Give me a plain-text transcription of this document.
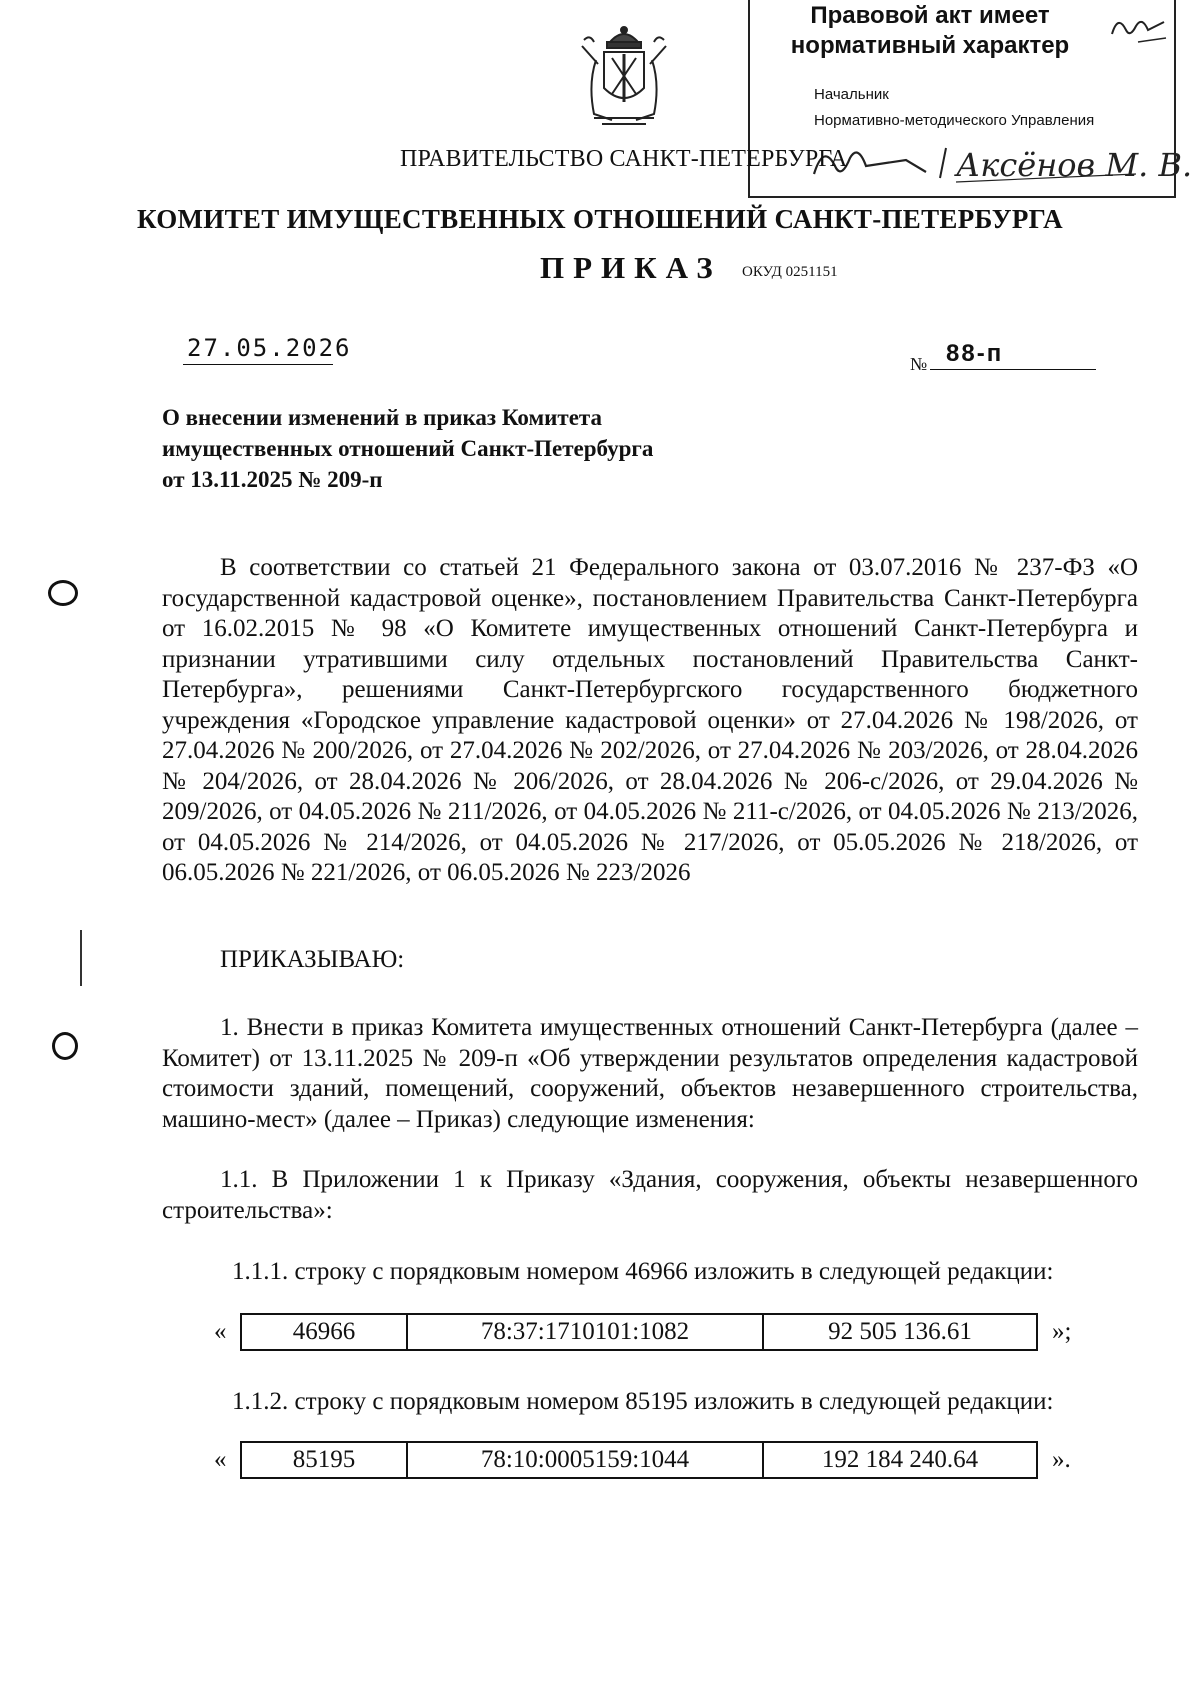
Правовой акт имеет
нормативный характер
Начальник
Нормативно-методического Управления
Аксёнов М. В.
ПРАВИТЕЛЬСТВО САНКТ-ПЕТЕРБУРГА
КОМИТЕТ ИМУЩЕСТВЕННЫХ ОТНОШЕНИЙ САНКТ-ПЕТЕРБУРГА
ПРИКАЗ ОКУД 0251151
27.05.2026
№ 88-п
О внесении изменений в приказ Комитета
имущественных отношений Санкт-Петербурга
от 13.11.2025 № 209-п

В соответствии со статьей 21 Федерального закона от 03.07.2016 № 237-ФЗ «О государственной кадастровой оценке», постановлением Правительства Санкт-Петербурга от 16.02.2015 № 98 «О Комитете имущественных отношений Санкт-Петербурга и признании утратившими силу отдельных постановлений Правительства Санкт-Петербурга», решениями Санкт-Петербургского государственного бюджетного учреждения «Городское управление кадастровой оценки» от 27.04.2026 № 198/2026, от 27.04.2026 № 200/2026, от 27.04.2026 № 202/2026, от 27.04.2026 № 203/2026, от 28.04.2026 № 204/2026, от 28.04.2026 № 206/2026, от 28.04.2026 № 206-с/2026, от 29.04.2026 № 209/2026, от 04.05.2026 № 211/2026, от 04.05.2026 № 211-с/2026, от 04.05.2026 № 213/2026, от 04.05.2026 № 214/2026, от 04.05.2026 № 217/2026, от 05.05.2026 № 218/2026, от 06.05.2026 № 221/2026, от 06.05.2026 № 223/2026

ПРИКАЗЫВАЮ:

1. Внести в приказ Комитета имущественных отношений Санкт-Петербурга (далее – Комитет) от 13.11.2025 № 209-п «Об утверждении результатов определения кадастровой стоимости зданий, помещений, сооружений, объектов незавершенного строительства, машино-мест» (далее – Приказ) следующие изменения:

1.1. В Приложении 1 к Приказу «Здания, сооружения, объекты незавершенного строительства»:

1.1.1. строку с порядковым номером 46966 изложить в следующей редакции:
«	46966	78:37:1710101:1082	92 505 136.61	»;
1.1.2. строку с порядковым номером 85195 изложить в следующей редакции:
«	85195	78:10:0005159:1044	192 184 240.64	».
